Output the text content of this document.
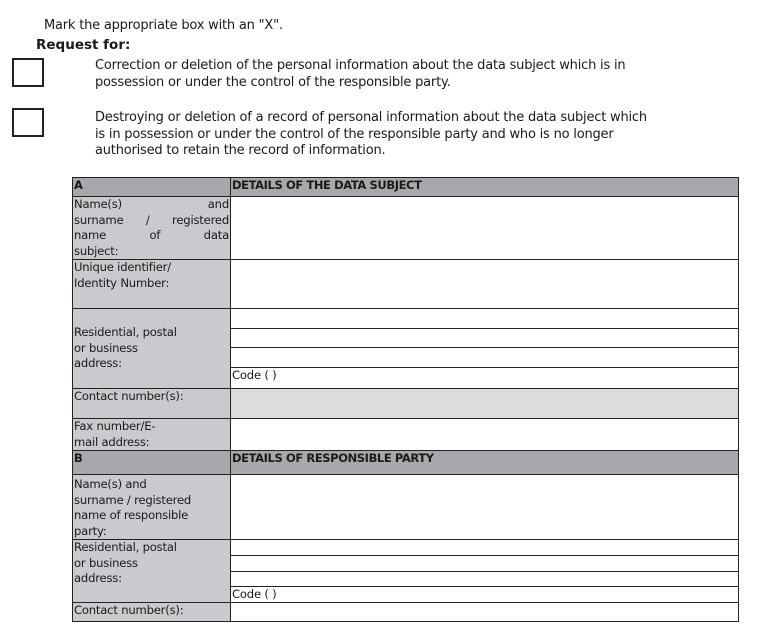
Mark the appropriate box with an "X".
Request for:
Correction or deletion of the personal information about the data subject which is in
possession or under the control of the responsible party.
Destroying or deletion of a record of personal information about the data subject which
is in possession or under the control of the responsible party and who is no longer
authorised to retain the record of information.
A	DETAILS OF THE DATA SUBJECT

Name(s) and
surname / registered
name of data
subject:	

Unique identifier/
Identity Number:	

Residential, postal
or business
address:	Code ( )

Contact number(s):	

Fax number/E-
mail address:	

B	DETAILS OF RESPONSIBLE PARTY

Name(s) and
surname / registered
name of responsible
party:	

Residential, postal
or business
address:	Code ( )

Contact number(s):	
